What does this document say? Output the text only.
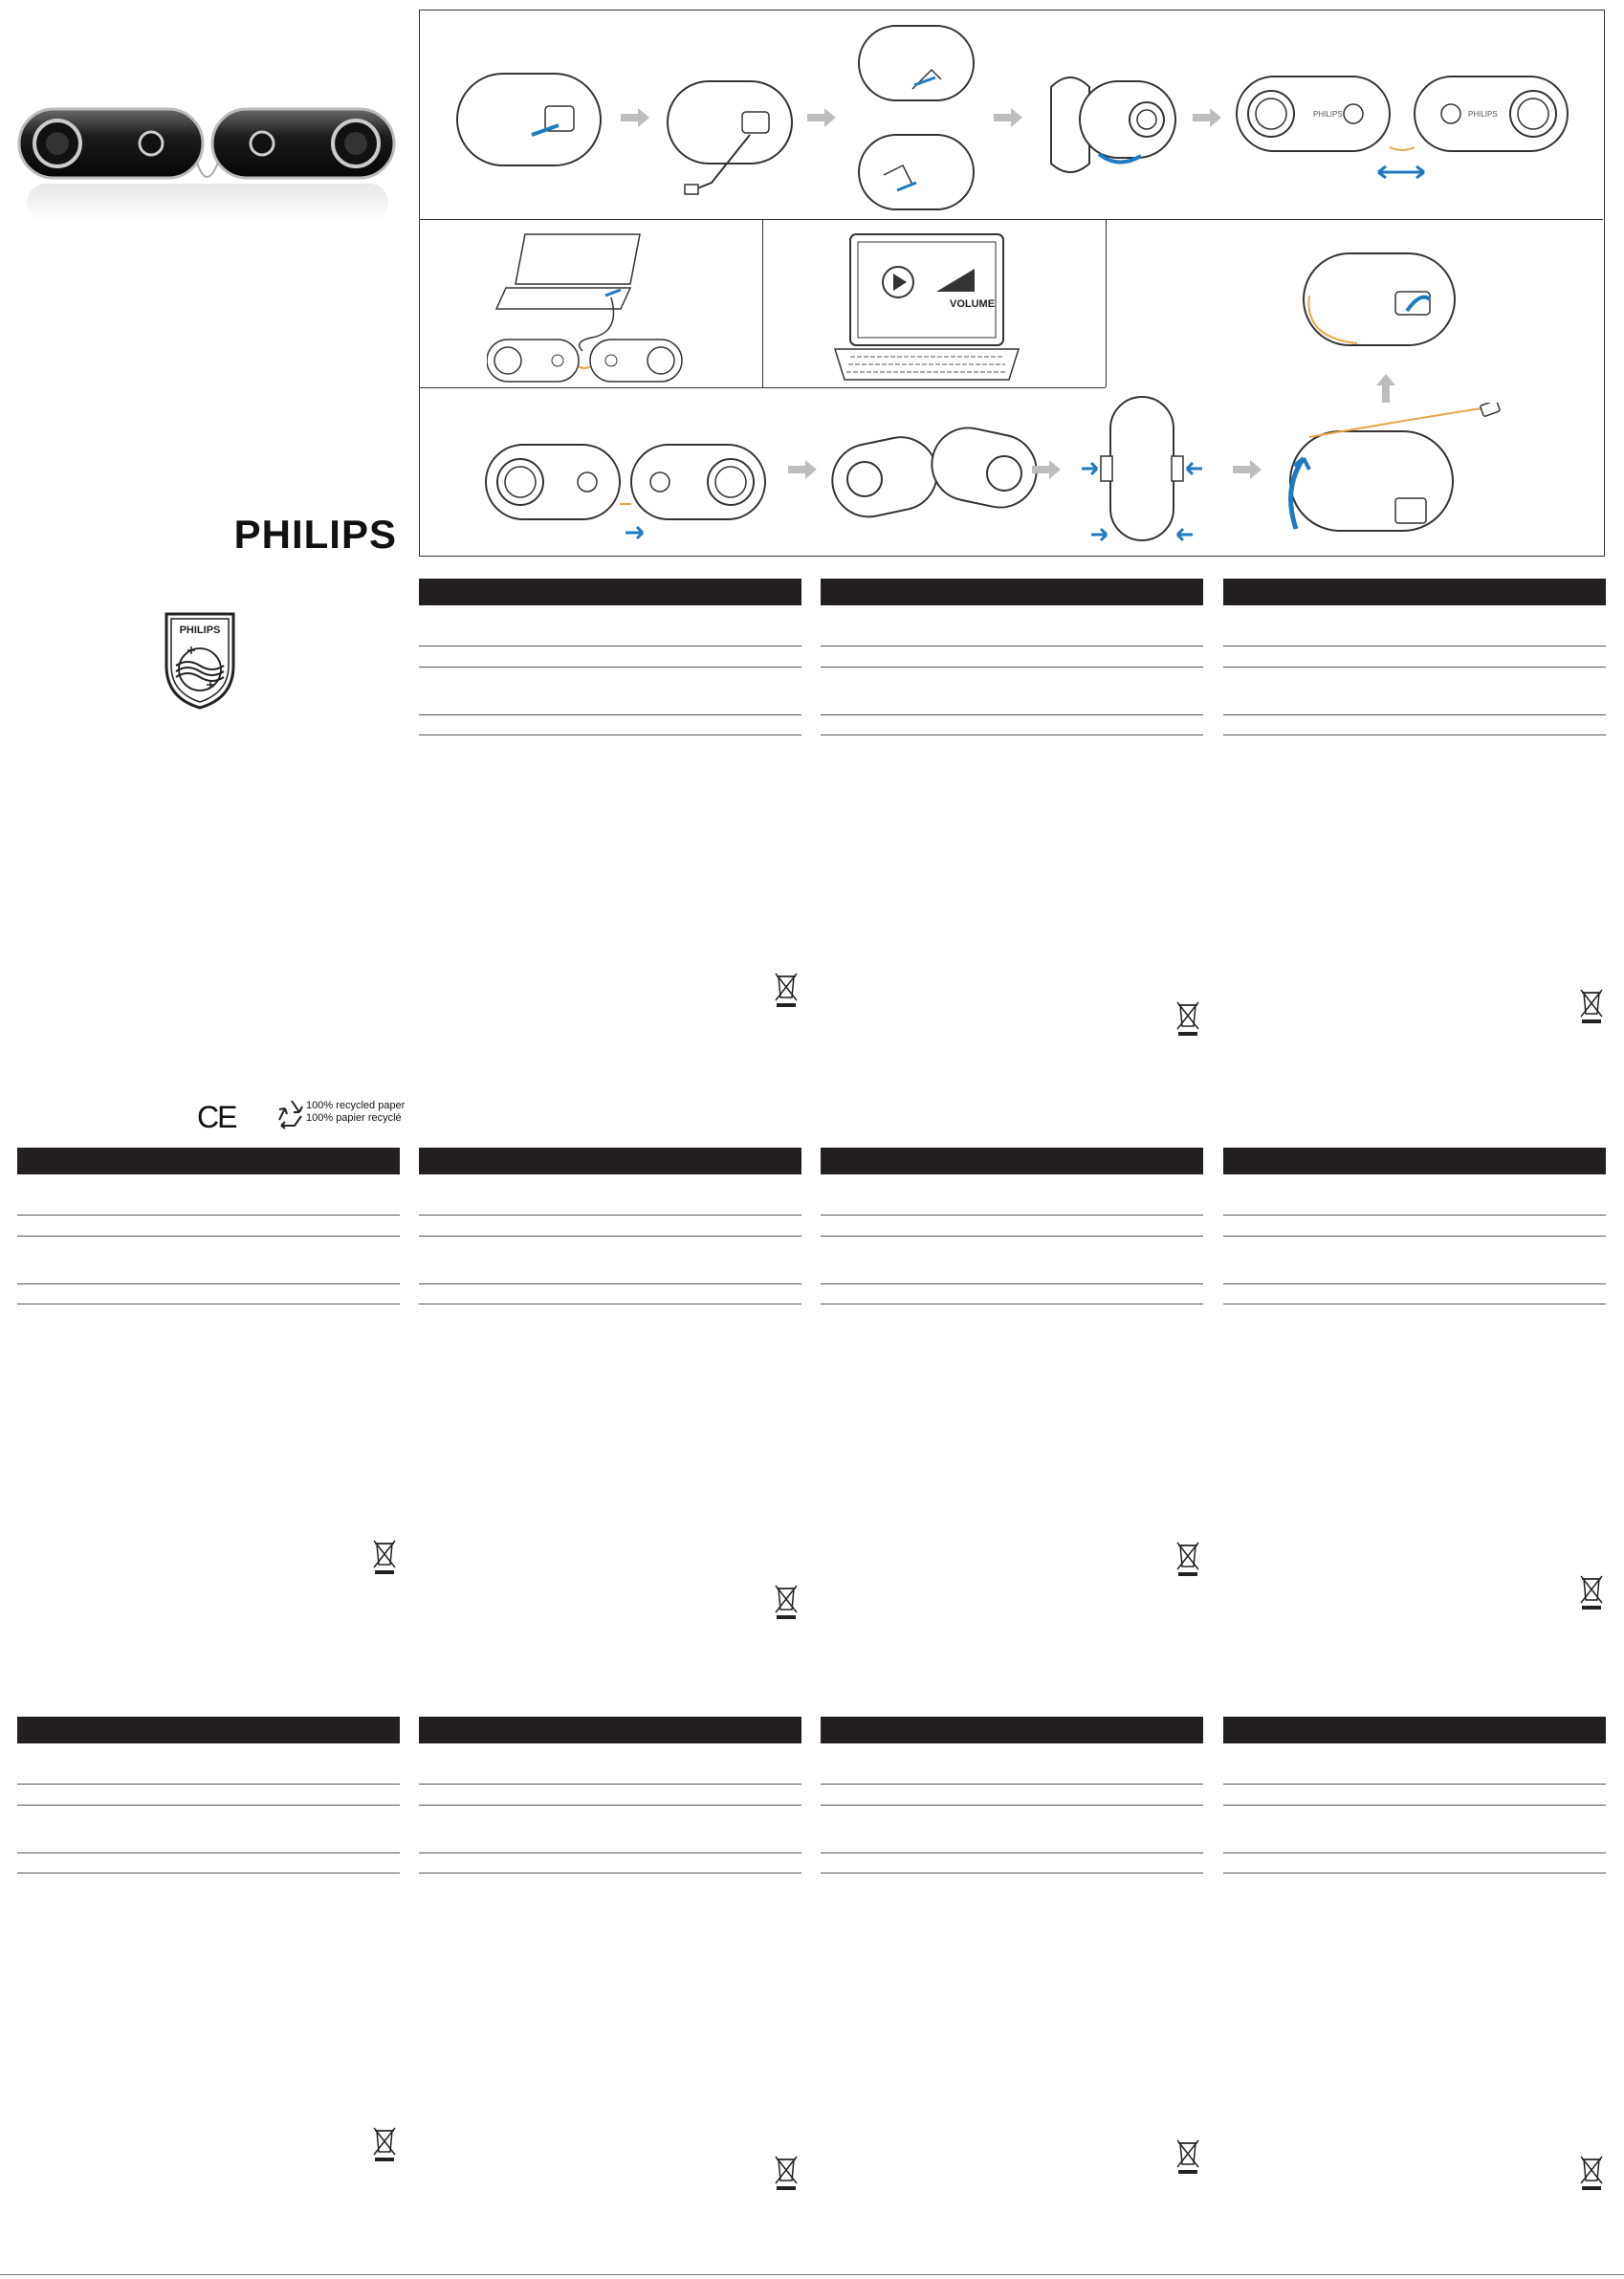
PHILIPS
PHILIPS
CE	100% recycled paper
100% papier recyclé
PHILIPS	PHILIPS
VOLUME
